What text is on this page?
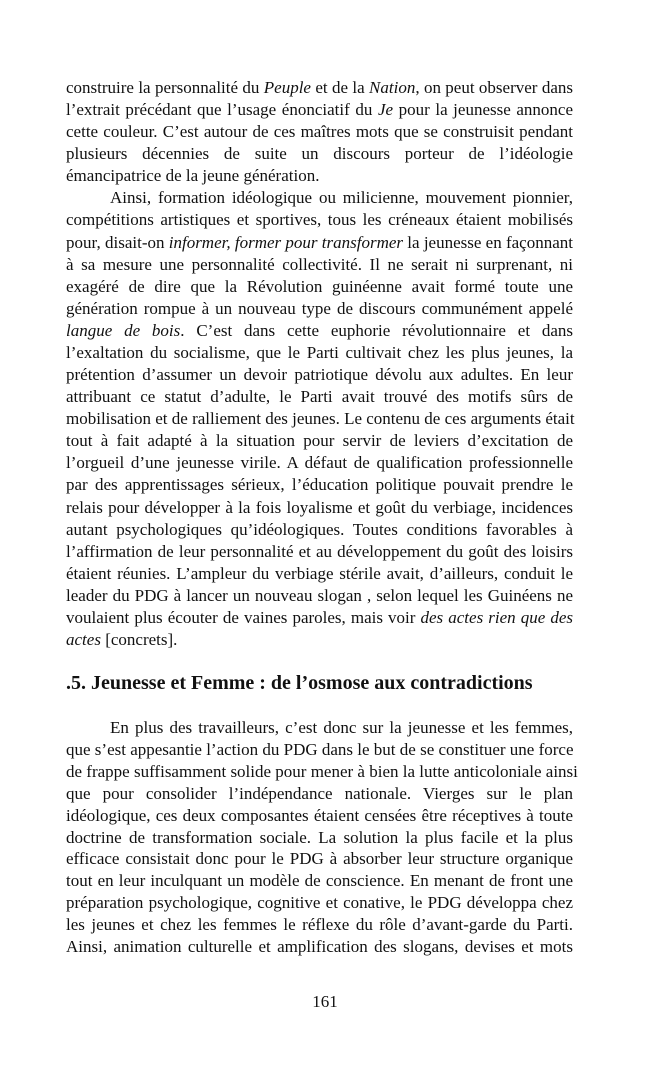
construire la personnalité du Peuple et de la Nation, on peut observer dans
l’extrait précédant que l’usage énonciatif du Je pour la jeunesse annonce
cette couleur. C’est autour de ces maîtres mots que se construisit pendant
plusieurs décennies de suite un discours porteur de l’idéologie
émancipatrice de la jeune génération.
Ainsi, formation idéologique ou milicienne, mouvement pionnier,
compétitions artistiques et sportives, tous les créneaux étaient mobilisés
pour, disait-on informer, former pour transformer la jeunesse en façonnant
à sa mesure une personnalité collectivité. Il ne serait ni surprenant, ni
exagéré de dire que la Révolution guinéenne avait formé toute une
génération rompue à un nouveau type de discours communément appelé
langue de bois. C’est dans cette euphorie révolutionnaire et dans
l’exaltation du socialisme, que le Parti cultivait chez les plus jeunes, la
prétention d’assumer un devoir patriotique dévolu aux adultes. En leur
attribuant ce statut d’adulte, le Parti avait trouvé des motifs sûrs de
mobilisation et de ralliement des jeunes. Le contenu de ces arguments était
tout à fait adapté à la situation pour servir de leviers d’excitation de
l’orgueil d’une jeunesse virile. A défaut de qualification professionnelle
par des apprentissages sérieux, l’éducation politique pouvait prendre le
relais pour développer à la fois loyalisme et goût du verbiage, incidences
autant psychologiques qu’idéologiques. Toutes conditions favorables à
l’affirmation de leur personnalité et au développement du goût des loisirs
étaient réunies. L’ampleur du verbiage stérile avait, d’ailleurs, conduit le
leader du PDG à lancer un nouveau slogan , selon lequel les Guinéens ne
voulaient plus écouter de vaines paroles, mais voir des actes rien que des
actes [concrets].
En plus des travailleurs, c’est donc sur la jeunesse et les femmes,
que s’est appesantie l’action du PDG dans le but de se constituer une force
de frappe suffisamment solide pour mener à bien la lutte anticoloniale ainsi
que pour consolider l’indépendance nationale. Vierges sur le plan
idéologique, ces deux composantes étaient censées être réceptives à toute
doctrine de transformation sociale. La solution la plus facile et la plus
efficace consistait donc pour le PDG à absorber leur structure organique
tout en leur inculquant un modèle de conscience. En menant de front une
préparation psychologique, cognitive et conative, le PDG développa chez
les jeunes et chez les femmes le réflexe du rôle d’avant-garde du Parti.
Ainsi, animation culturelle et amplification des slogans, devises et mots
.5. Jeunesse et Femme : de l’osmose aux contradictions
161
